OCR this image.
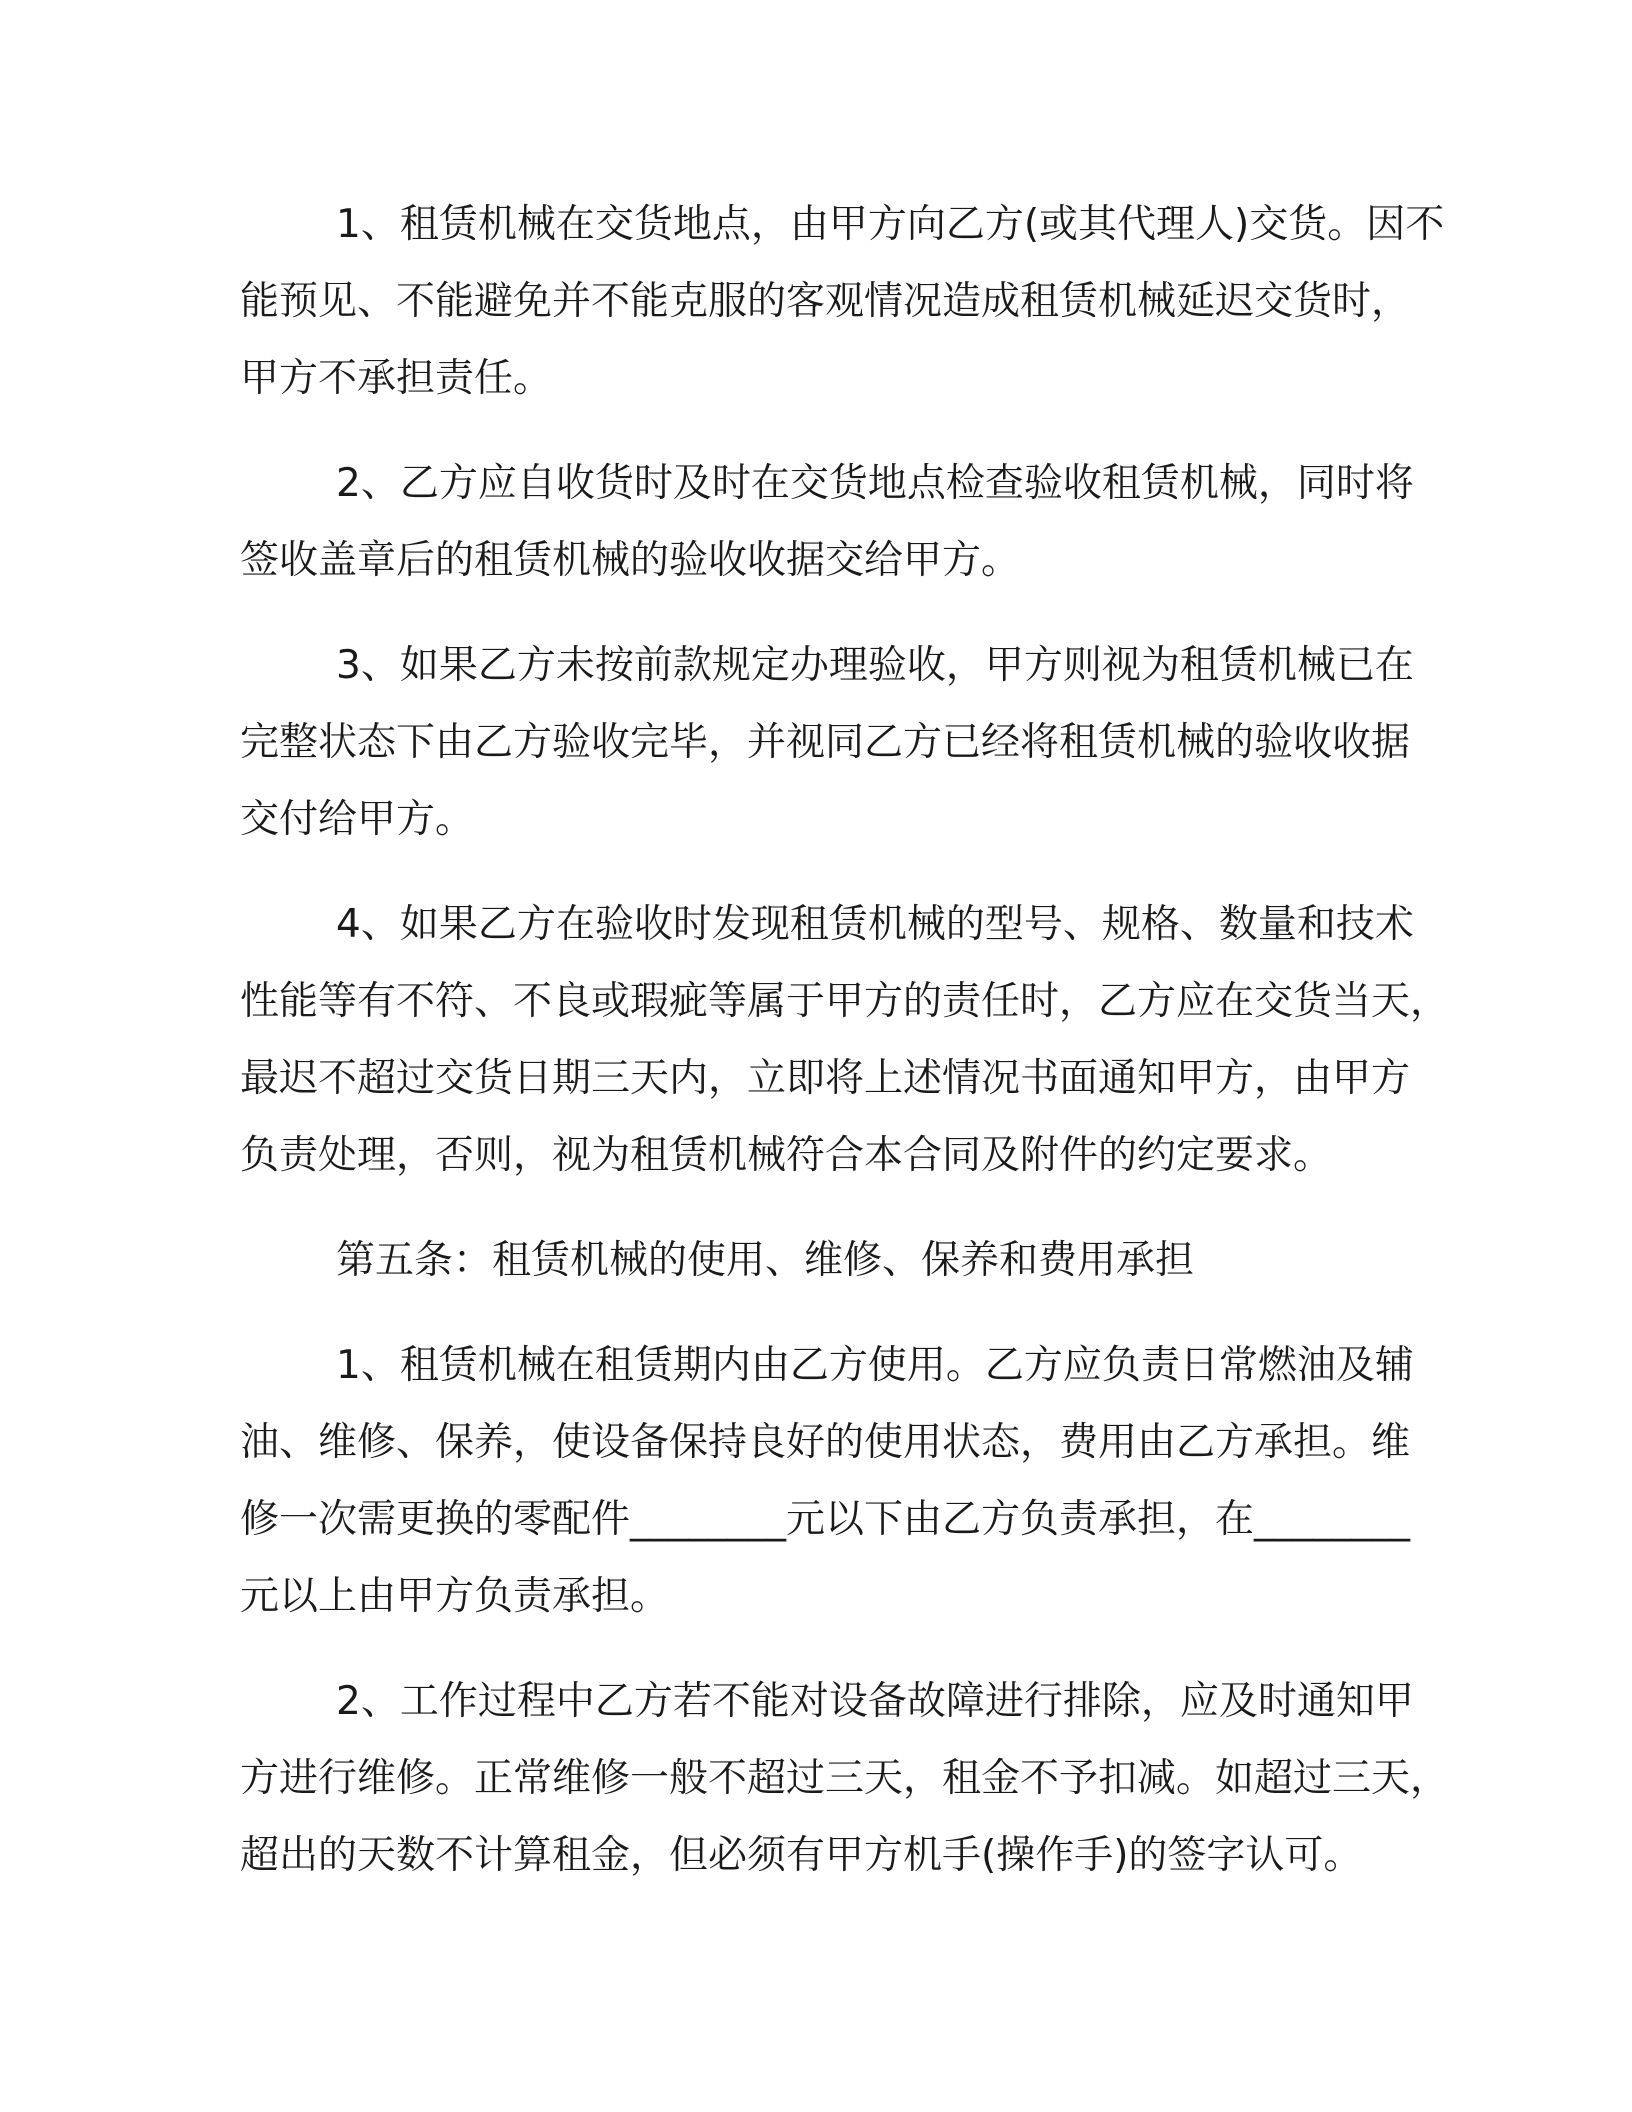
1、租赁机械在交货地点，由甲方向乙方(或其代理人)交货。因不
能预见、不能避免并不能克服的客观情况造成租赁机械延迟交货时，
甲方不承担责任。
2、乙方应自收货时及时在交货地点检查验收租赁机械，同时将
签收盖章后的租赁机械的验收收据交给甲方。
3、如果乙方未按前款规定办理验收，甲方则视为租赁机械已在
完整状态下由乙方验收完毕，并视同乙方已经将租赁机械的验收收据
交付给甲方。
4、如果乙方在验收时发现租赁机械的型号、规格、数量和技术
性能等有不符、不良或瑕疵等属于甲方的责任时，乙方应在交货当天，
最迟不超过交货日期三天内，立即将上述情况书面通知甲方，由甲方
负责处理，否则，视为租赁机械符合本合同及附件的约定要求。
第五条：租赁机械的使用、维修、保养和费用承担
1、租赁机械在租赁期内由乙方使用。乙方应负责日常燃油及辅
油、维修、保养，使设备保持良好的使用状态，费用由乙方承担。维
修一次需更换的零配件________元以下由乙方负责承担，在________
元以上由甲方负责承担。
2、工作过程中乙方若不能对设备故障进行排除，应及时通知甲
方进行维修。正常维修一般不超过三天，租金不予扣减。如超过三天，
超出的天数不计算租金，但必须有甲方机手(操作手)的签字认可。
